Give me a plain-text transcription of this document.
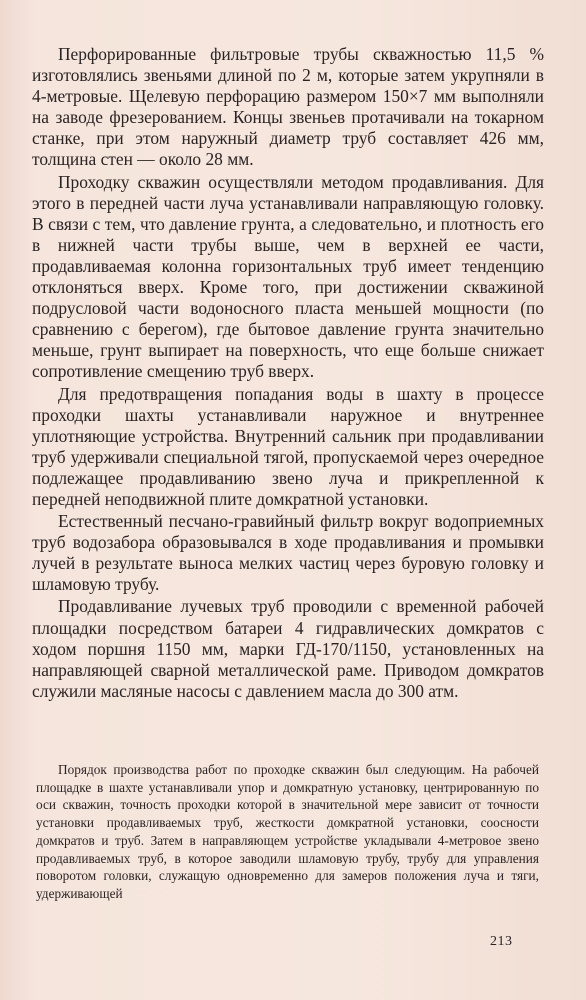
Перфорированные фильтровые трубы скважностью 11,5 % изготовлялись звеньями длиной по 2 м, которые затем укрупняли в 4-метровые. Щелевую перфорацию размером 150×7 мм выполняли на заводе фрезерованием. Концы звеньев протачивали на токарном станке, при этом наружный диаметр труб составляет 426 мм, толщина стен — около 28 мм.

Проходку скважин осуществляли методом продавливания. Для этого в передней части луча устанавливали направляющую головку. В связи с тем, что давление грунта, а следовательно, и плотность его в нижней части трубы выше, чем в верхней ее части, продавливаемая колонна горизонтальных труб имеет тенденцию отклоняться вверх. Кроме того, при достижении скважиной подрусловой части водоносного пласта меньшей мощности (по сравнению с берегом), где бытовое давление грунта значительно меньше, грунт выпирает на поверхность, что еще больше снижает сопротивление смещению труб вверх.

Для предотвращения попадания воды в шахту в процессе проходки шахты устанавливали наружное и внутреннее уплотняющие устройства. Внутренний сальник при продавливании труб удерживали специальной тягой, пропускаемой через очередное подлежащее продавливанию звено луча и прикрепленной к передней неподвижной плите домкратной установки.

Естественный песчано-гравийный фильтр вокруг водоприемных труб водозабора образовывался в ходе продавливания и промывки лучей в результате выноса мелких частиц через буровую головку и шламовую трубу.

Продавливание лучевых труб проводили с временной рабочей площадки посредством батареи 4 гидравлических домкратов с ходом поршня 1150 мм, марки ГД-170/1150, установленных на направляющей сварной металлической раме. Приводом домкратов служили масляные насосы с давлением масла до 300 атм.

Порядок производства работ по проходке скважин был следующим. На рабочей площадке в шахте устанавливали упор и домкратную установку, центрированную по оси скважин, точность проходки которой в значительной мере зависит от точности установки продавливаемых труб, жесткости домкратной установки, соосности домкратов и труб. Затем в направляющем устройстве укладывали 4-метровое звено продавливаемых труб, в которое заводили шламовую трубу, трубу для управления поворотом головки, служащую одновременно для замеров положения луча и тяги, удерживающей

213
